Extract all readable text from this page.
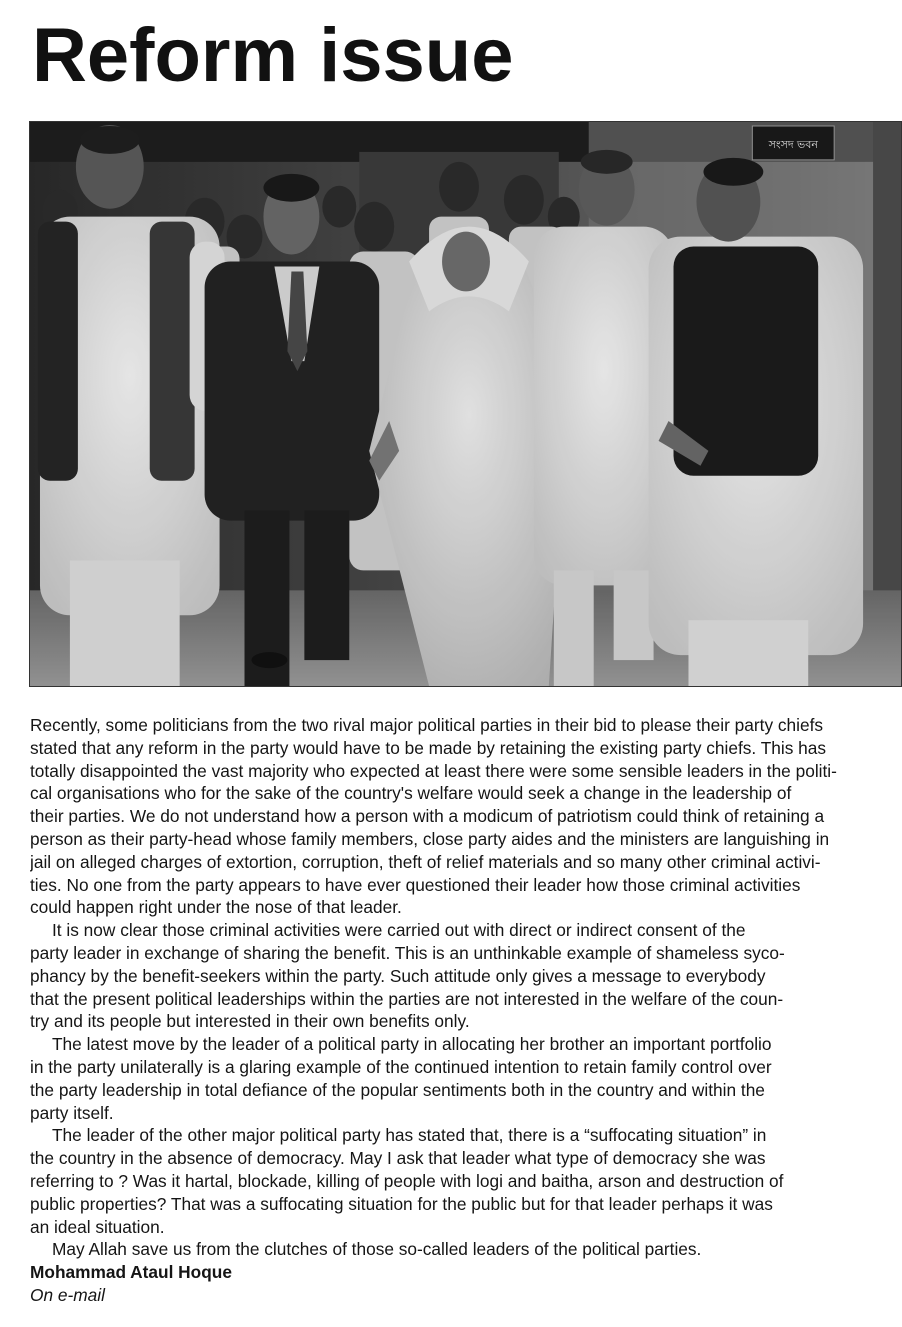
Reform issue
সংসদ ভবন
Recently, some politicians from the two rival major political parties in their bid to please their party chiefs
stated that any reform in the party would have to be made by retaining the existing party chiefs. This has
totally disappointed the vast majority who expected at least there were some sensible leaders in the politi-
cal organisations who for the sake of the country's welfare would seek a change in the leadership of
their parties. We do not understand how a person with a modicum of patriotism could think of retaining a
person as their party-head whose family members, close party aides and the ministers are languishing in
jail on alleged charges of extortion, corruption, theft of relief materials and so many other criminal activi-
ties. No one from the party appears to have ever questioned their leader how those criminal activities
could happen right under the nose of that leader.
It is now clear those criminal activities were carried out with direct or indirect consent of the
party leader in exchange of sharing the benefit. This is an unthinkable example of shameless syco-
phancy by the benefit-seekers within the party. Such attitude only gives a message to everybody
that the present political leaderships within the parties are not interested in the welfare of the coun-
try and its people but interested in their own benefits only.
The latest move by the leader of a political party in allocating her brother an important portfolio
in the party unilaterally is a glaring example of the continued intention to retain family control over
the party leadership in total defiance of the popular sentiments both in the country and within the
party itself.
The leader of the other major political party has stated that, there is a “suffocating situation” in
the country in the absence of democracy. May I ask that leader what type of democracy she was
referring to ? Was it hartal, blockade, killing of people with logi and baitha, arson and destruction of
public properties? That was a suffocating situation for the public but for that leader perhaps it was
an ideal situation.
May Allah save us from the clutches of those so-called leaders of the political parties.
Mohammad Ataul Hoque
On e-mail
